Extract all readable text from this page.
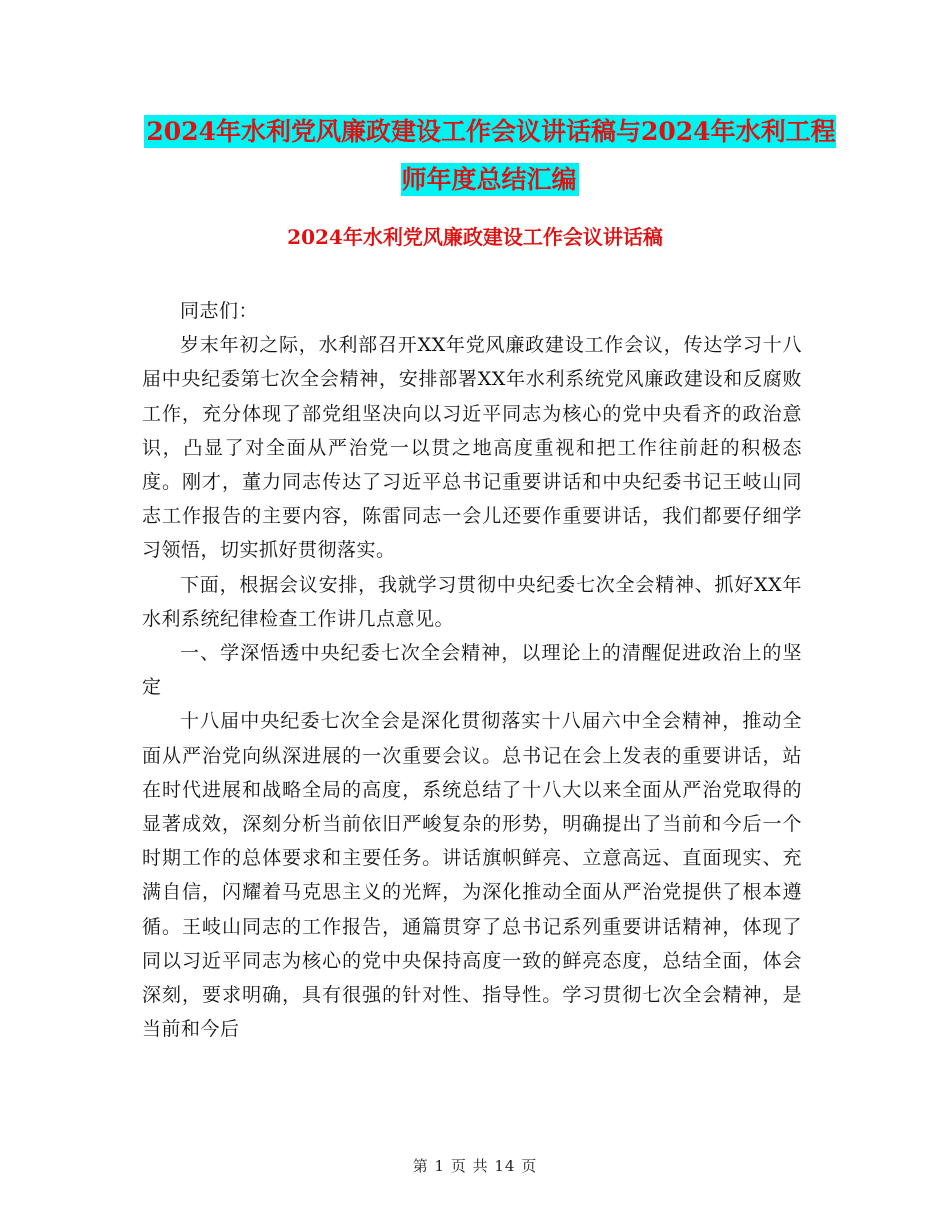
2024年水利党风廉政建设工作会议讲话稿与2024年水利工程师年度总结汇编
2024年水利党风廉政建设工作会议讲话稿

同志们：

岁末年初之际，水利部召开XX年党风廉政建设工作会议，传达学习十八届中央纪委第七次全会精神，安排部署XX年水利系统党风廉政建设和反腐败工作，充分体现了部党组坚决向以习近平同志为核心的党中央看齐的政治意识，凸显了对全面从严治党一以贯之地高度重视和把工作往前赶的积极态度。刚才，董力同志传达了习近平总书记重要讲话和中央纪委书记王岐山同志工作报告的主要内容，陈雷同志一会儿还要作重要讲话，我们都要仔细学习领悟，切实抓好贯彻落实。

下面，根据会议安排，我就学习贯彻中央纪委七次全会精神、抓好XX年水利系统纪律检查工作讲几点意见。

一、学深悟透中央纪委七次全会精神，以理论上的清醒促进政治上的坚定

十八届中央纪委七次全会是深化贯彻落实十八届六中全会精神，推动全面从严治党向纵深进展的一次重要会议。总书记在会上发表的重要讲话，站在时代进展和战略全局的高度，系统总结了十八大以来全面从严治党取得的显著成效，深刻分析当前依旧严峻复杂的形势，明确提出了当前和今后一个时期工作的总体要求和主要任务。讲话旗帜鲜亮、立意高远、直面现实、充满自信，闪耀着马克思主义的光辉，为深化推动全面从严治党提供了根本遵循。王岐山同志的工作报告，通篇贯穿了总书记系列重要讲话精神，体现了同以习近平同志为核心的党中央保持高度一致的鲜亮态度，总结全面，体会深刻，要求明确，具有很强的针对性、指导性。学习贯彻七次全会精神，是当前和今后

第 1 页 共 14 页
